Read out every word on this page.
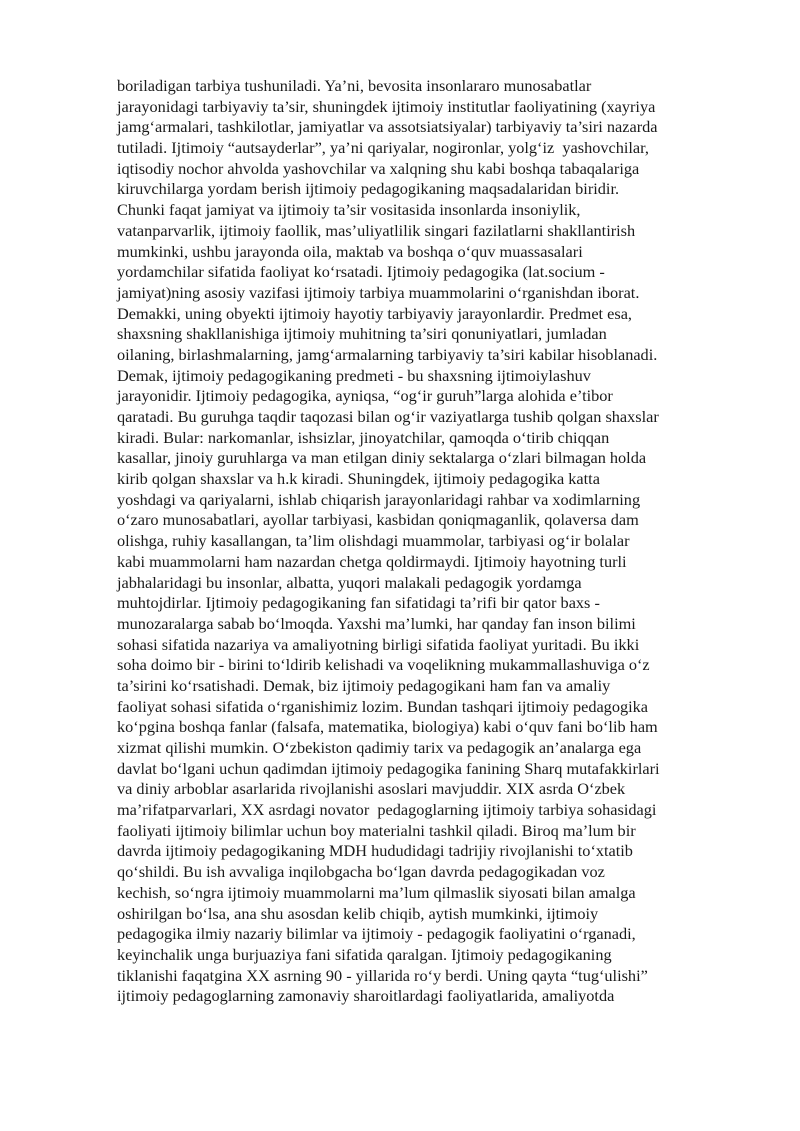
boriladigan tarbiya tushuniladi. Ya’ni, bevosita insonlararo munosabatlar
jarayonidagi tarbiyaviy ta’sir, shuningdek ijtimoiy institutlar faoliyatining (xayriya
jamg‘armalari, tashkilotlar, jamiyatlar va assotsiatsiyalar) tarbiyaviy ta’siri nazarda
tutiladi. Ijtimoiy “autsayderlar”, ya’ni qariyalar, nogironlar, yolg‘iz  yashovchilar,
iqtisodiy nochor ahvolda yashovchilar va xalqning shu kabi boshqa tabaqalariga
kiruvchilarga yordam berish ijtimoiy pedagogikaning maqsadalaridan biridir.
Chunki faqat jamiyat va ijtimoiy ta’sir vositasida insonlarda insoniylik,
vatanparvarlik, ijtimoiy faollik, mas’uliyatlilik singari fazilatlarni shakllantirish
mumkinki, ushbu jarayonda oila, maktab va boshqa o‘quv muassasalari
yordamchilar sifatida faoliyat ko‘rsatadi. Ijtimoiy pedagogika (lat.socium -
jamiyat)ning asosiy vazifasi ijtimoiy tarbiya muammolarini o‘rganishdan iborat.
Demakki, uning obyekti ijtimoiy hayotiy tarbiyaviy jarayonlardir. Predmet esa,
shaxsning shakllanishiga ijtimoiy muhitning ta’siri qonuniyatlari, jumladan
oilaning, birlashmalarning, jamg‘armalarning tarbiyaviy ta’siri kabilar hisoblanadi.
Demak, ijtimoiy pedagogikaning predmeti - bu shaxsning ijtimoiylashuv
jarayonidir. Ijtimoiy pedagogika, ayniqsa, “og‘ir guruh”larga alohida e’tibor
qaratadi. Bu guruhga taqdir taqozasi bilan og‘ir vaziyatlarga tushib qolgan shaxslar
kiradi. Bular: narkomanlar, ishsizlar, jinoyatchilar, qamoqda o‘tirib chiqqan
kasallar, jinoiy guruhlarga va man etilgan diniy sektalarga o‘zlari bilmagan holda
kirib qolgan shaxslar va h.k kiradi. Shuningdek, ijtimoiy pedagogika katta
yoshdagi va qariyalarni, ishlab chiqarish jarayonlaridagi rahbar va xodimlarning
o‘zaro munosabatlari, ayollar tarbiyasi, kasbidan qoniqmaganlik, qolaversa dam
olishga, ruhiy kasallangan, ta’lim olishdagi muammolar, tarbiyasi og‘ir bolalar
kabi muammolarni ham nazardan chetga qoldirmaydi. Ijtimoiy hayotning turli
jabhalaridagi bu insonlar, albatta, yuqori malakali pedagogik yordamga
muhtojdirlar. Ijtimoiy pedagogikaning fan sifatidagi ta’rifi bir qator baxs -
munozaralarga sabab bo‘lmoqda. Yaxshi ma’lumki, har qanday fan inson bilimi
sohasi sifatida nazariya va amaliyotning birligi sifatida faoliyat yuritadi. Bu ikki
soha doimo bir - birini to‘ldirib kelishadi va voqelikning mukammallashuviga o‘z
ta’sirini ko‘rsatishadi. Demak, biz ijtimoiy pedagogikani ham fan va amaliy
faoliyat sohasi sifatida o‘rganishimiz lozim. Bundan tashqari ijtimoiy pedagogika
ko‘pgina boshqa fanlar (falsafa, matematika, biologiya) kabi o‘quv fani bo‘lib ham
xizmat qilishi mumkin. O‘zbekiston qadimiy tarix va pedagogik an’analarga ega
davlat bo‘lgani uchun qadimdan ijtimoiy pedagogika fanining Sharq mutafakkirlari
va diniy arboblar asarlarida rivojlanishi asoslari mavjuddir. XIX asrda O‘zbek
ma’rifatparvarlari, XX asrdagi novator  pedagoglarning ijtimoiy tarbiya sohasidagi
faoliyati ijtimoiy bilimlar uchun boy materialni tashkil qiladi. Biroq ma’lum bir
davrda ijtimoiy pedagogikaning MDH hududidagi tadrijiy rivojlanishi to‘xtatib
qo‘shildi. Bu ish avvaliga inqilobgacha bo‘lgan davrda pedagogikadan voz
kechish, so‘ngra ijtimoiy muammolarni ma’lum qilmaslik siyosati bilan amalga
oshirilgan bo‘lsa, ana shu asosdan kelib chiqib, aytish mumkinki, ijtimoiy
pedagogika ilmiy nazariy bilimlar va ijtimoiy - pedagogik faoliyatini o‘rganadi,
keyinchalik unga burjuaziya fani sifatida qaralgan. Ijtimoiy pedagogikaning
tiklanishi faqatgina XX asrning 90 - yillarida ro‘y berdi. Uning qayta “tug‘ulishi”
ijtimoiy pedagoglarning zamonaviy sharoitlardagi faoliyatlarida, amaliyotda
